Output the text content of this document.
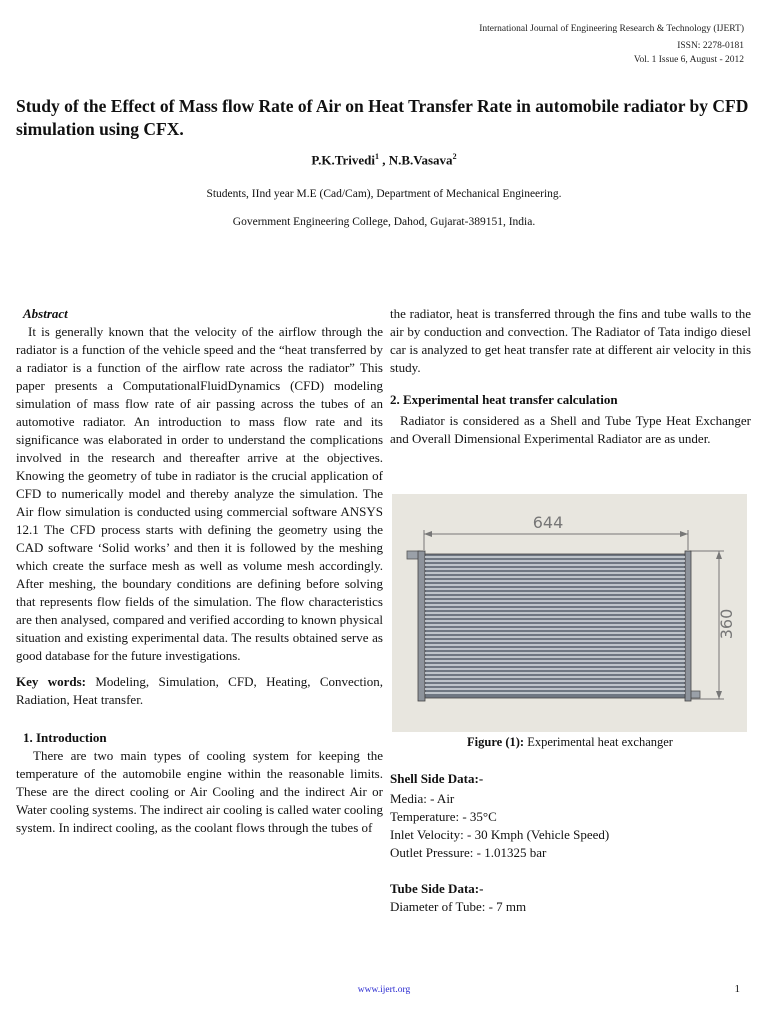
International Journal of Engineering Research & Technology (IJERT)
ISSN: 2278-0181
Vol. 1 Issue 6, August - 2012
Study of the Effect of Mass flow Rate of Air on Heat Transfer Rate in automobile radiator by CFD simulation using CFX.
P.K.Trivedi$^1$ , N.B.Vasava$^2$
Students, IInd year M.E (Cad/Cam), Department of Mechanical Engineering.
Government Engineering College, Dahod, Gujarat-389151, India.
Abstract

It is generally known that the velocity of the airflow through the radiator is a function of the vehicle speed and the “heat transferred by a radiator is a function of the airflow rate across the radiator” This paper presents a ComputationalFluidDynamics (CFD) modeling simulation of mass flow rate of air passing across the tubes of an automotive radiator. An introduction to mass flow rate and its significance was elaborated in order to understand the complications involved in the research and thereafter arrive at the objectives. Knowing the geometry of tube in radiator is the crucial application of CFD to numerically model and thereby analyze the simulation. The Air flow simulation is conducted using commercial software ANSYS 12.1 The CFD process starts with defining the geometry using the CAD software ‘Solid works’ and then it is followed by the meshing which create the surface mesh as well as volume mesh accordingly. After meshing, the boundary conditions are defining before solving that represents flow fields of the simulation. The flow characteristics are then analysed, compared and verified according to known physical situation and existing experimental data. The results obtained serve as good database for the future investigations.

Key words: Modeling, Simulation, CFD, Heating, Convection, Radiation, Heat transfer.

1. Introduction

There are two main types of cooling system for keeping the temperature of the automobile engine within the reasonable limits. These are the direct cooling or Air Cooling and the indirect Air or Water cooling systems. The indirect air cooling is called water cooling system. In indirect cooling, as the coolant flows through the tubes of

the radiator, heat is transferred through the fins and tube walls to the air by conduction and convection. The Radiator of Tata indigo diesel car is analyzed to get heat transfer rate at different air velocity in this study.

2. Experimental heat transfer calculation

Radiator is considered as a Shell and Tube Type Heat Exchanger and Overall Dimensional Experimental Radiator are as under.

644
360
Figure (1): Experimental heat exchanger
Shell Side Data:-
Media: - Air
Temperature: - 35°C
Inlet Velocity: - 30 Kmph (Vehicle Speed)
Outlet Pressure: - 1.01325 bar
Tube Side Data:-
Diameter of Tube: - 7 mm
www.ijert.org	1
